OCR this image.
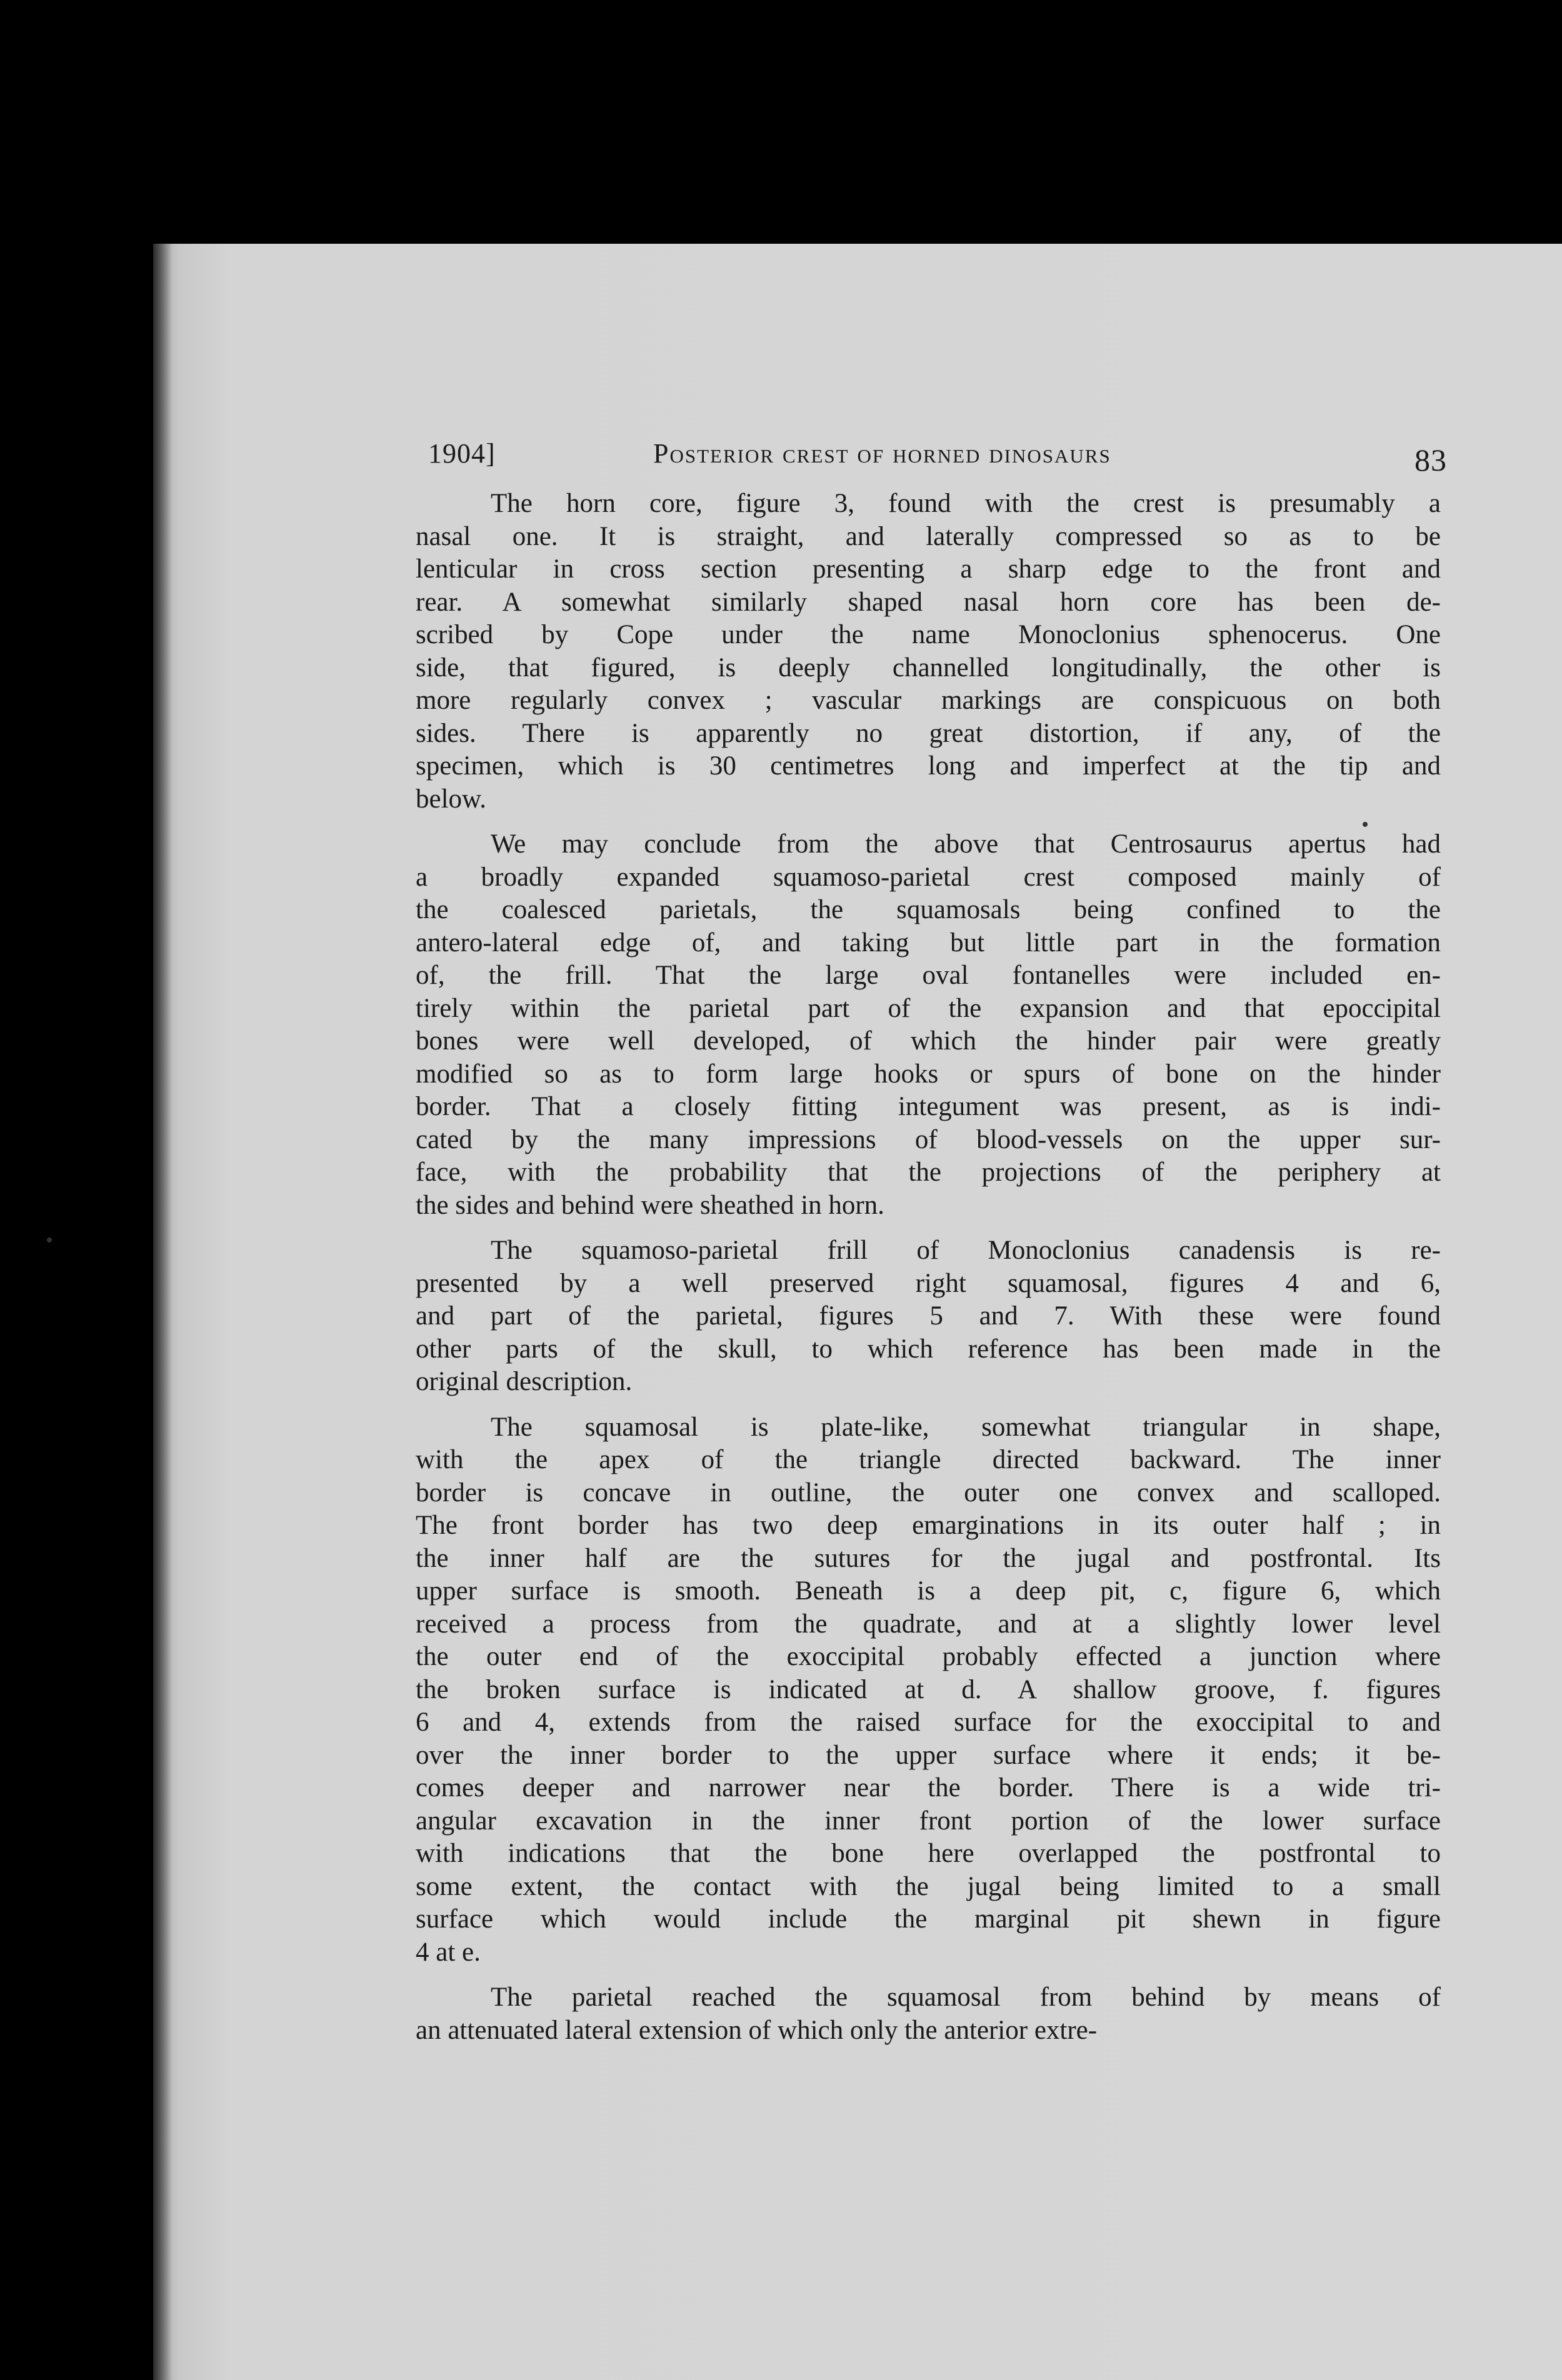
1904]	Posterior crest of horned dinosaurs	83

The horn core, figure 3, found with the crest is presumably a
nasal one. It is straight, and laterally compressed so as to be
lenticular in cross section presenting a sharp edge to the front and
rear. A somewhat similarly shaped nasal horn core has been de-
scribed by Cope under the name Monoclonius sphenocerus. One
side, that figured, is deeply channelled longitudinally, the other is
more regularly convex ; vascular markings are conspicuous on both
sides. There is apparently no great distortion, if any, of the
specimen, which is 30 centimetres long and imperfect at the tip and
below.

We may conclude from the above that Centrosaurus apertus had
a broadly expanded squamoso-parietal crest composed mainly of
the coalesced parietals, the squamosals being confined to the
antero-lateral edge of, and taking but little part in the formation
of, the frill. That the large oval fontanelles were included en-
tirely within the parietal part of the expansion and that epoccipital
bones were well developed, of which the hinder pair were greatly
modified so as to form large hooks or spurs of bone on the hinder
border. That a closely fitting integument was present, as is indi-
cated by the many impressions of blood-vessels on the upper sur-
face, with the probability that the projections of the periphery at
the sides and behind were sheathed in horn.

The squamoso-parietal frill of Monoclonius canadensis is re-
presented by a well preserved right squamosal, figures 4 and 6,
and part of the parietal, figures 5 and 7. With these were found
other parts of the skull, to which reference has been made in the
original description.

The squamosal is plate-like, somewhat triangular in shape,
with the apex of the triangle directed backward. The inner
border is concave in outline, the outer one convex and scalloped.
The front border has two deep emarginations in its outer half ; in
the inner half are the sutures for the jugal and postfrontal. Its
upper surface is smooth. Beneath is a deep pit, c, figure 6, which
received a process from the quadrate, and at a slightly lower level
the outer end of the exoccipital probably effected a junction where
the broken surface is indicated at d. A shallow groove, f. figures
6 and 4, extends from the raised surface for the exoccipital to and
over the inner border to the upper surface where it ends; it be-
comes deeper and narrower near the border. There is a wide tri-
angular excavation in the inner front portion of the lower surface
with indications that the bone here overlapped the postfrontal to
some extent, the contact with the jugal being limited to a small
surface which would include the marginal pit shewn in figure
4 at e.

The parietal reached the squamosal from behind by means of
an attenuated lateral extension of which only the anterior extre-
